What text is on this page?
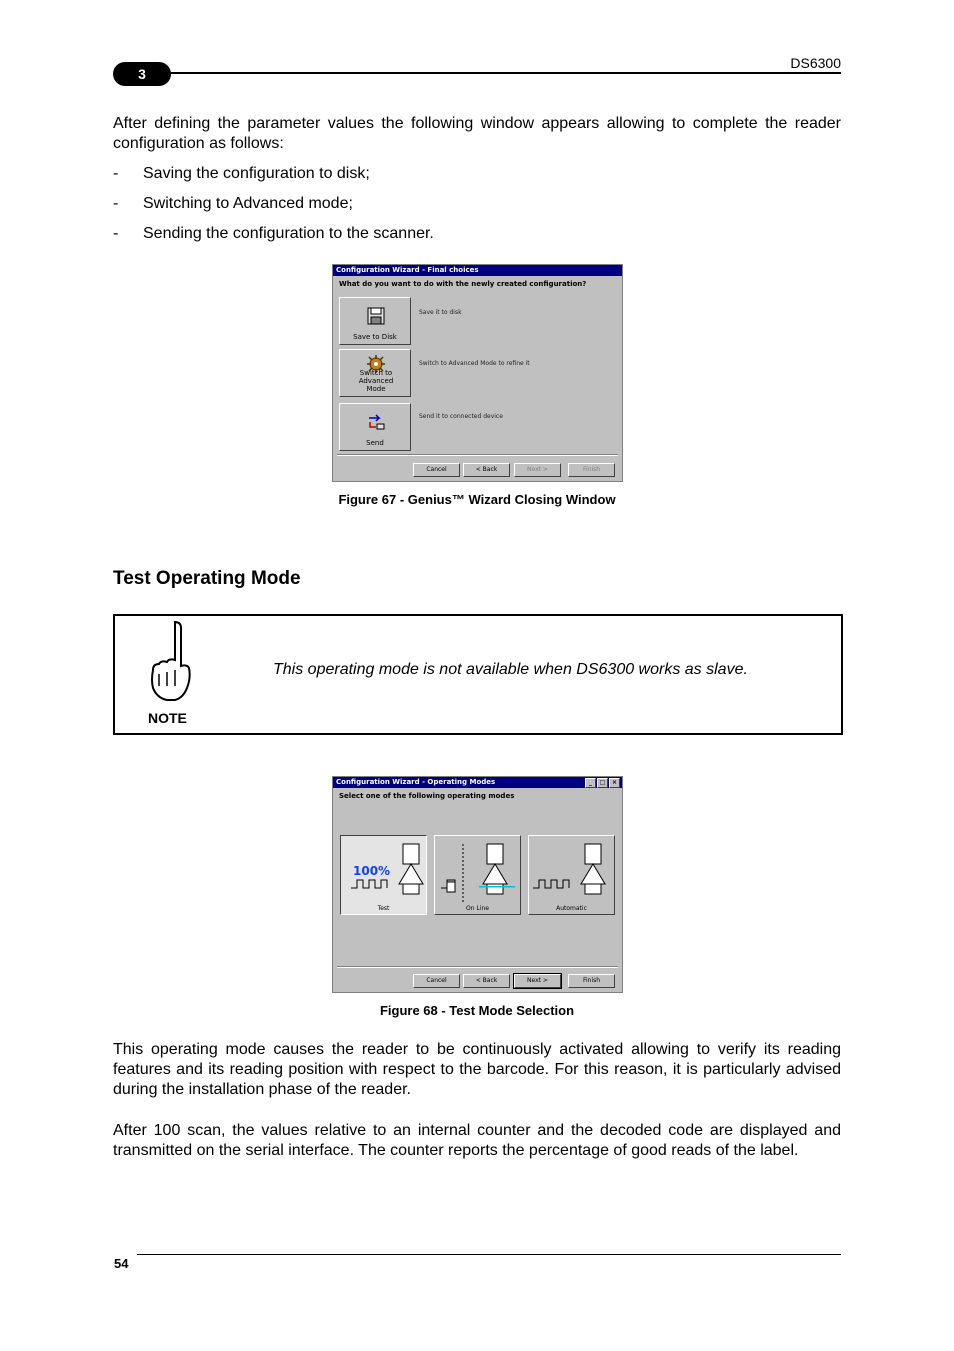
3
DS6300

After defining the parameter values the following window appears allowing to complete the reader configuration as follows:

- Saving the configuration to disk;
- Switching to Advanced mode;
- Sending the configuration to the scanner.
Configuration Wizard - Final choices
What do you want to do with the newly created configuration?
Save to Disk
Save it to disk
Switch to Advanced Mode
Switch to Advanced Mode to refine it
Send
Send it to connected device
Cancel	< Back	Next >	Finish
Figure 67 - Genius™ Wizard Closing Window
Test Operating Mode
NOTE
This operating mode is not available when DS6300 works as slave.
Configuration Wizard - Operating Modes	_ □ ×
Select one of the following operating modes
100%
Test	On Line	Automatic
Cancel	< Back	Next >	Finish
Figure 68 - Test Mode Selection

This operating mode causes the reader to be continuously activated allowing to verify its reading features and its reading position with respect to the barcode. For this reason, it is particularly advised during the installation phase of the reader.

After 100 scan, the values relative to an internal counter and the decoded code are displayed and transmitted on the serial interface. The counter reports the percentage of good reads of the label.

54
